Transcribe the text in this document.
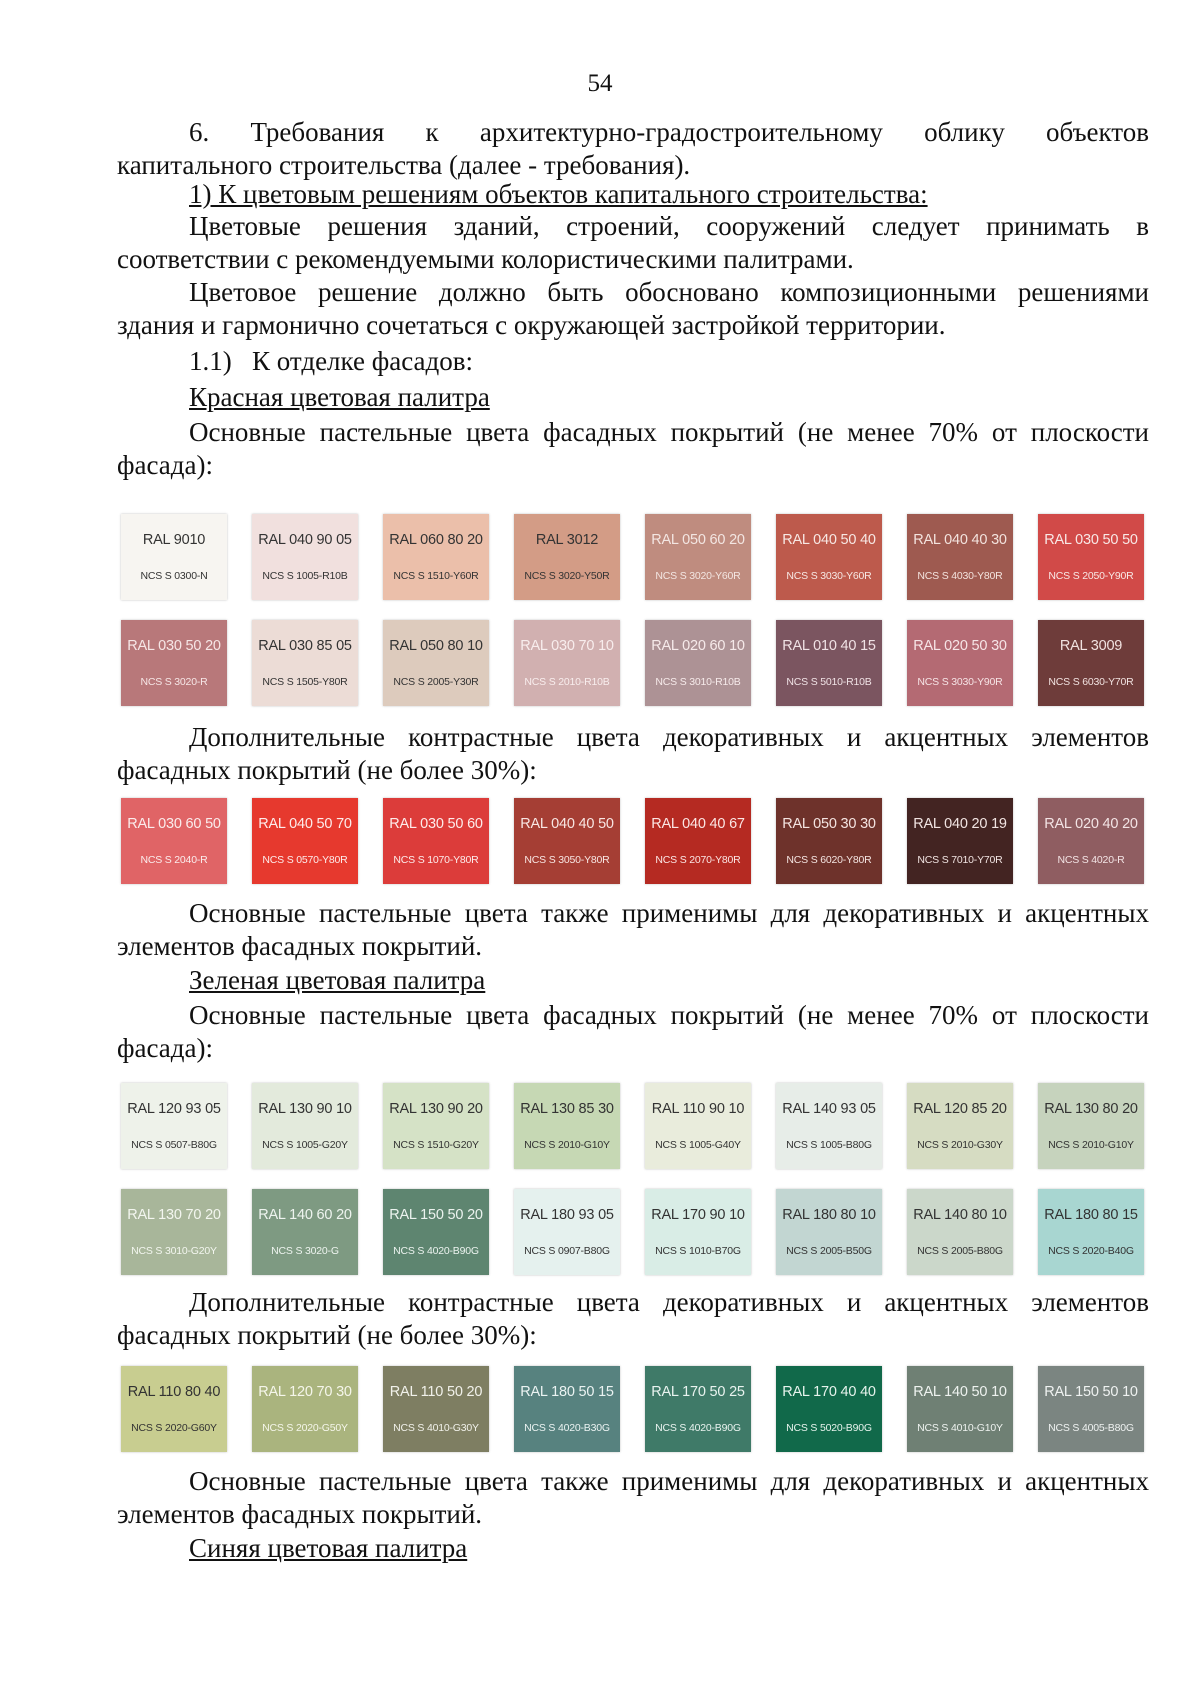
54
6. Требования к архитектурно-градостроительному облику объектов
капитального строительства (далее - требования).
1) К цветовым решениям объектов капитального строительства:
Цветовые решения зданий, строений, сооружений следует принимать в
соответствии с рекомендуемыми колористическими палитрами.
Цветовое решение должно быть обосновано композиционными решениями
здания и гармонично сочетаться с окружающей застройкой территории.
1.1)   К отделке фасадов:
Красная цветовая палитра
Основные пастельные цвета фасадных покрытий (не менее 70% от плоскости
фасада):
RAL 9010
NCS S 0300-N
RAL 040 90 05
NCS S 1005-R10B
RAL 060 80 20
NCS S 1510-Y60R
RAL 3012
NCS S 3020-Y50R
RAL 050 60 20
NCS S 3020-Y60R
RAL 040 50 40
NCS S 3030-Y60R
RAL 040 40 30
NCS S 4030-Y80R
RAL 030 50 50
NCS S 2050-Y90R
RAL 030 50 20
NCS S 3020-R
RAL 030 85 05
NCS S 1505-Y80R
RAL 050 80 10
NCS S 2005-Y30R
RAL 030 70 10
NCS S 2010-R10B
RAL 020 60 10
NCS S 3010-R10B
RAL 010 40 15
NCS S 5010-R10B
RAL 020 50 30
NCS S 3030-Y90R
RAL 3009
NCS S 6030-Y70R
Дополнительные контрастные цвета декоративных и акцентных элементов
фасадных покрытий (не более 30%):
RAL 030 60 50
NCS S 2040-R
RAL 040 50 70
NCS S 0570-Y80R
RAL 030 50 60
NCS S 1070-Y80R
RAL 040 40 50
NCS S 3050-Y80R
RAL 040 40 67
NCS S 2070-Y80R
RAL 050 30 30
NCS S 6020-Y80R
RAL 040 20 19
NCS S 7010-Y70R
RAL 020 40 20
NCS S 4020-R
Основные пастельные цвета также применимы для декоративных и акцентных
элементов фасадных покрытий.
Зеленая цветовая палитра
Основные пастельные цвета фасадных покрытий (не менее 70% от плоскости
фасада):
RAL 120 93 05
NCS S 0507-B80G
RAL 130 90 10
NCS S 1005-G20Y
RAL 130 90 20
NCS S 1510-G20Y
RAL 130 85 30
NCS S 2010-G10Y
RAL 110 90 10
NCS S 1005-G40Y
RAL 140 93 05
NCS S 1005-B80G
RAL 120 85 20
NCS S 2010-G30Y
RAL 130 80 20
NCS S 2010-G10Y
RAL 130 70 20
NCS S 3010-G20Y
RAL 140 60 20
NCS S 3020-G
RAL 150 50 20
NCS S 4020-B90G
RAL 180 93 05
NCS S 0907-B80G
RAL 170 90 10
NCS S 1010-B70G
RAL 180 80 10
NCS S 2005-B50G
RAL 140 80 10
NCS S 2005-B80G
RAL 180 80 15
NCS S 2020-B40G
Дополнительные контрастные цвета декоративных и акцентных элементов
фасадных покрытий (не более 30%):
RAL 110 80 40
NCS S 2020-G60Y
RAL 120 70 30
NCS S 2020-G50Y
RAL 110 50 20
NCS S 4010-G30Y
RAL 180 50 15
NCS S 4020-B30G
RAL 170 50 25
NCS S 4020-B90G
RAL 170 40 40
NCS S 5020-B90G
RAL 140 50 10
NCS S 4010-G10Y
RAL 150 50 10
NCS S 4005-B80G
Основные пастельные цвета также применимы для декоративных и акцентных
элементов фасадных покрытий.
Синяя цветовая палитра
